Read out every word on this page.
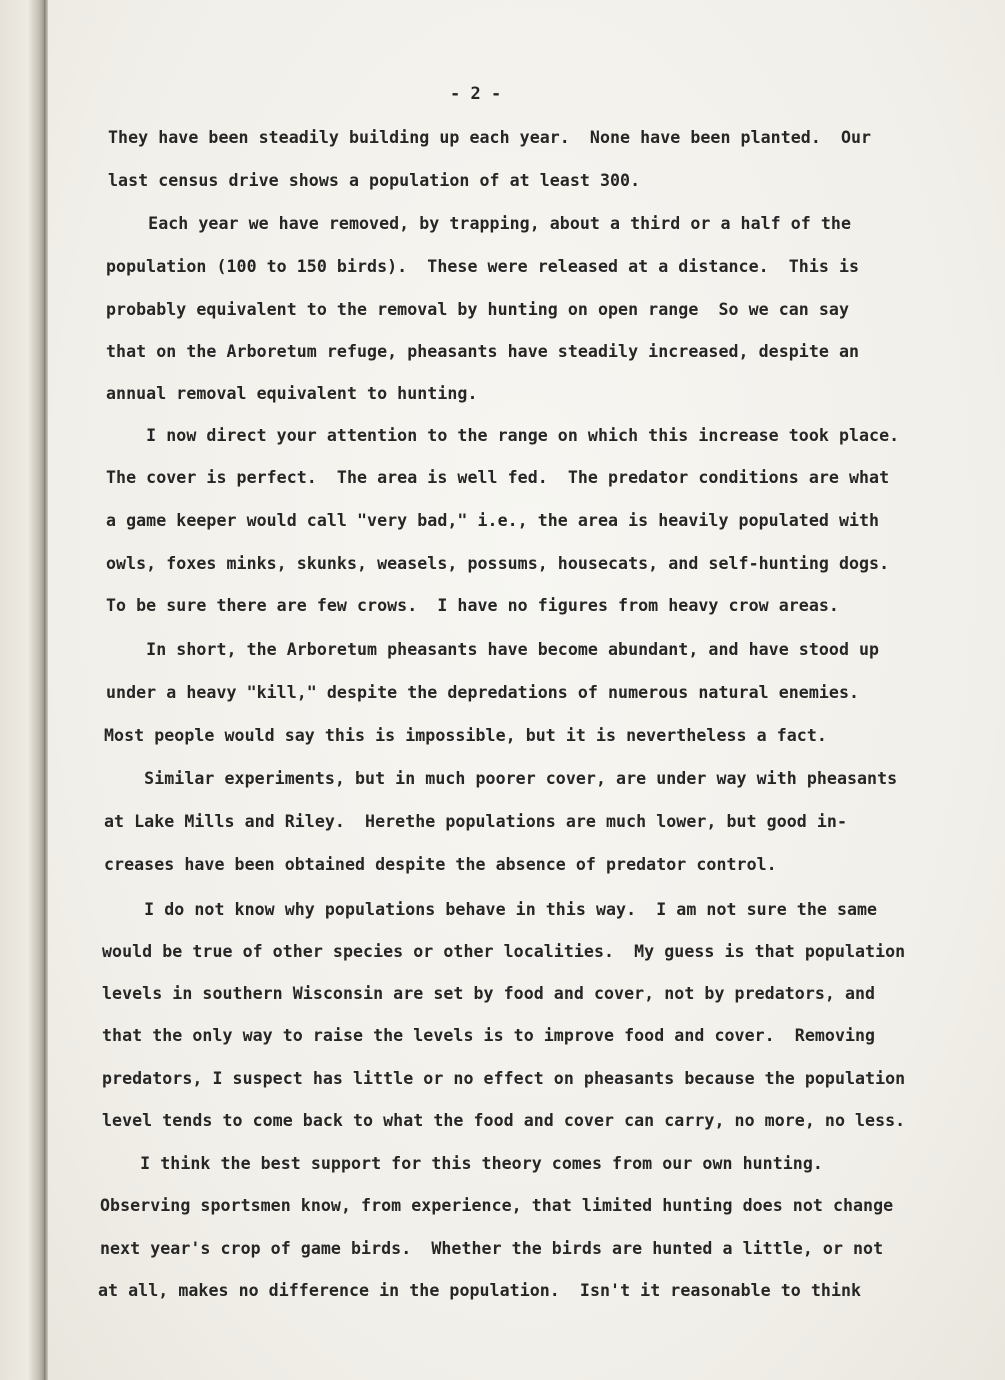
- 2 -

They have been steadily building up each year.  None have been planted.  Our

last census drive shows a population of at least 300.

Each year we have removed, by trapping, about a third or a half of the

population (100 to 150 birds).  These were released at a distance.  This is

probably equivalent to the removal by hunting on open range  So we can say

that on the Arboretum refuge, pheasants have steadily increased, despite an

annual removal equivalent to hunting.

I now direct your attention to the range on which this increase took place.

The cover is perfect.  The area is well fed.  The predator conditions are what

a game keeper would call "very bad," i.e., the area is heavily populated with

owls, foxes minks, skunks, weasels, possums, housecats, and self-hunting dogs.

To be sure there are few crows.  I have no figures from heavy crow areas.

In short, the Arboretum pheasants have become abundant, and have stood up

under a heavy "kill," despite the depredations of numerous natural enemies.

Most people would say this is impossible, but it is nevertheless a fact.

Similar experiments, but in much poorer cover, are under way with pheasants

at Lake Mills and Riley.  Herethe populations are much lower, but good in-

creases have been obtained despite the absence of predator control.

I do not know why populations behave in this way.  I am not sure the same

would be true of other species or other localities.  My guess is that population

levels in southern Wisconsin are set by food and cover, not by predators, and

that the only way to raise the levels is to improve food and cover.  Removing

predators, I suspect has little or no effect on pheasants because the population

level tends to come back to what the food and cover can carry, no more, no less.

I think the best support for this theory comes from our own hunting.

Observing sportsmen know, from experience, that limited hunting does not change

next year's crop of game birds.  Whether the birds are hunted a little, or not

at all, makes no difference in the population.  Isn't it reasonable to think
